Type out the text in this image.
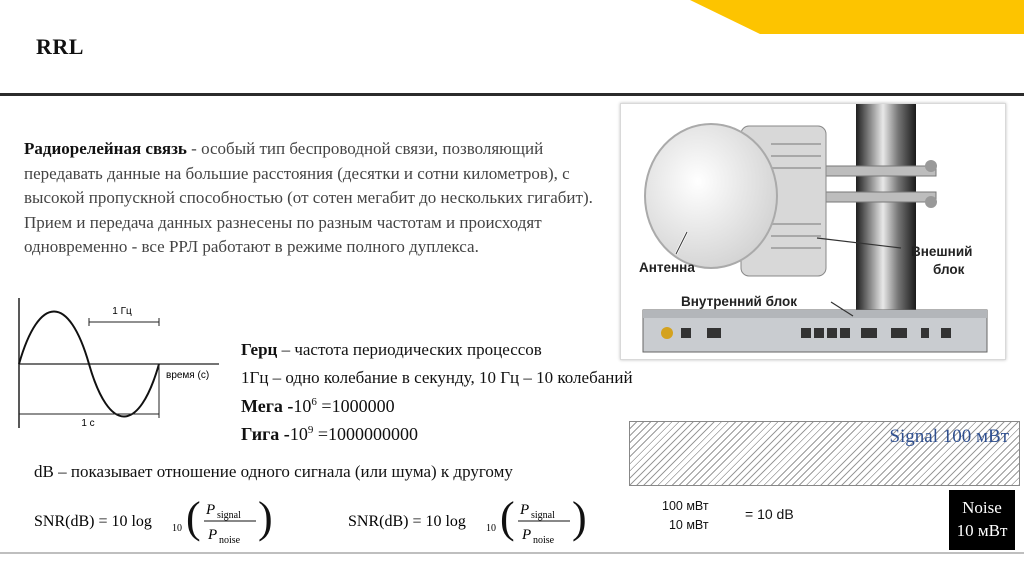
RRL
Радиорелейная связь - особый тип беспроводной связи, позволяющий передавать данные на большие расстояния (десятки и сотни километров), с высокой пропускной способностью (от сотен мегабит до нескольких гигабит). Прием и передача данных разнесены по разным частотам и происходят одновременно - все РРЛ работают в режиме полного дуплекса.
1 Гц
время (с)
1 с
Антенна
Внешний
блок
Внутренний блок
Герц – частота периодических процессов
1Гц – одно колебание в секунду, 10 Гц – 10 колебаний
Мега $-10^6 =1000000$
Гига $-10^9 =1000000000$
dB – показывает отношение одного сигнала (или шума) к другому
SNR(dB) = 10 log 10 ( P signal
P noise )	SNR(dB) = 10 log 10 ( P signal
P noise )
Signal 100 мВт
100 мВт
10 мВт
= 10 dB	Noise
10 мВт
